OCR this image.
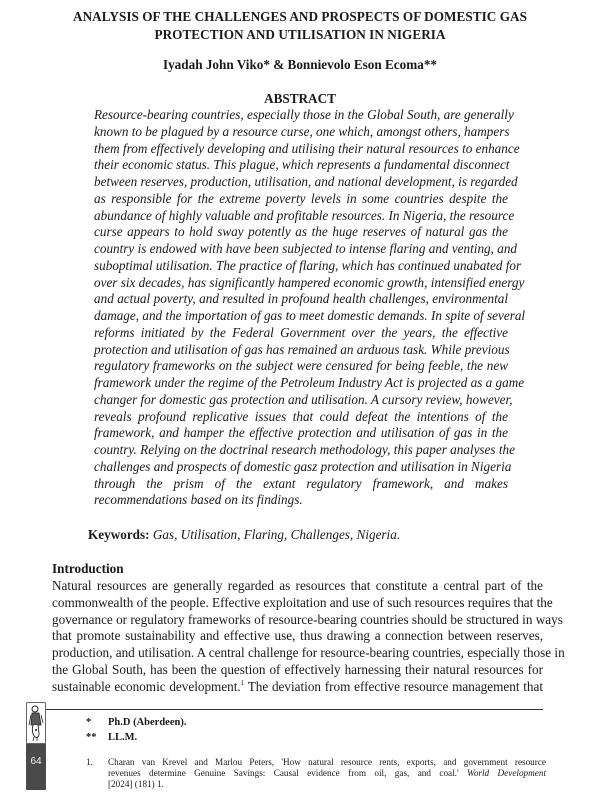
ANALYSIS OF THE CHALLENGES AND PROSPECTS OF DOMESTIC GAS
PROTECTION AND UTILISATION IN NIGERIA
Iyadah John Viko* & Bonnievolo Eson Ecoma**
ABSTRACT
Resource-bearing countries, especially those in the Global South, are generally
known to be plagued by a resource curse, one which, amongst others, hampers
them from effectively developing and utilising their natural resources to enhance
their economic status. This plague, which represents a fundamental disconnect
between reserves, production, utilisation, and national development, is regarded
as responsible for the extreme poverty levels in some countries despite the
abundance of highly valuable and profitable resources. In Nigeria, the resource
curse appears to hold sway potently as the huge reserves of natural gas the
country is endowed with have been subjected to intense flaring and venting, and
suboptimal utilisation. The practice of flaring, which has continued unabated for
over six decades, has significantly hampered economic growth, intensified energy
and actual poverty, and resulted in profound health challenges, environmental
damage, and the importation of gas to meet domestic demands. In spite of several
reforms initiated by the Federal Government over the years, the effective
protection and utilisation of gas has remained an arduous task. While previous
regulatory frameworks on the subject were censured for being feeble, the new
framework under the regime of the Petroleum Industry Act is projected as a game
changer for domestic gas protection and utilisation. A cursory review, however,
reveals profound replicative issues that could defeat the intentions of the
framework, and hamper the effective protection and utilisation of gas in the
country. Relying on the doctrinal research methodology, this paper analyses the
challenges and prospects of domestic gasz protection and utilisation in Nigeria
through the prism of the extant regulatory framework, and makes
recommendations based on its findings.
Keywords: Gas, Utilisation, Flaring, Challenges, Nigeria.
Introduction
Natural resources are generally regarded as resources that constitute a central part of the
commonwealth of the people. Effective exploitation and use of such resources requires that the
governance or regulatory frameworks of resource-bearing countries should be structured in ways
that promote sustainability and effective use, thus drawing a connection between reserves,
production, and utilisation. A central challenge for resource-bearing countries, especially those in
the Global South, has been the question of effectively harnessing their natural resources for
sustainable economic development.$^1$ The deviation from effective resource management that
* Ph.D (Aberdeen).
** LL.M.
1. Charan van Krevel and Marlou Peters, 'How natural resource rents, exports, and government resource
revenues determine Genuine Savings: Causal evidence from oil, gas, and coal.' World Development
[2024] (181) 1.
64
